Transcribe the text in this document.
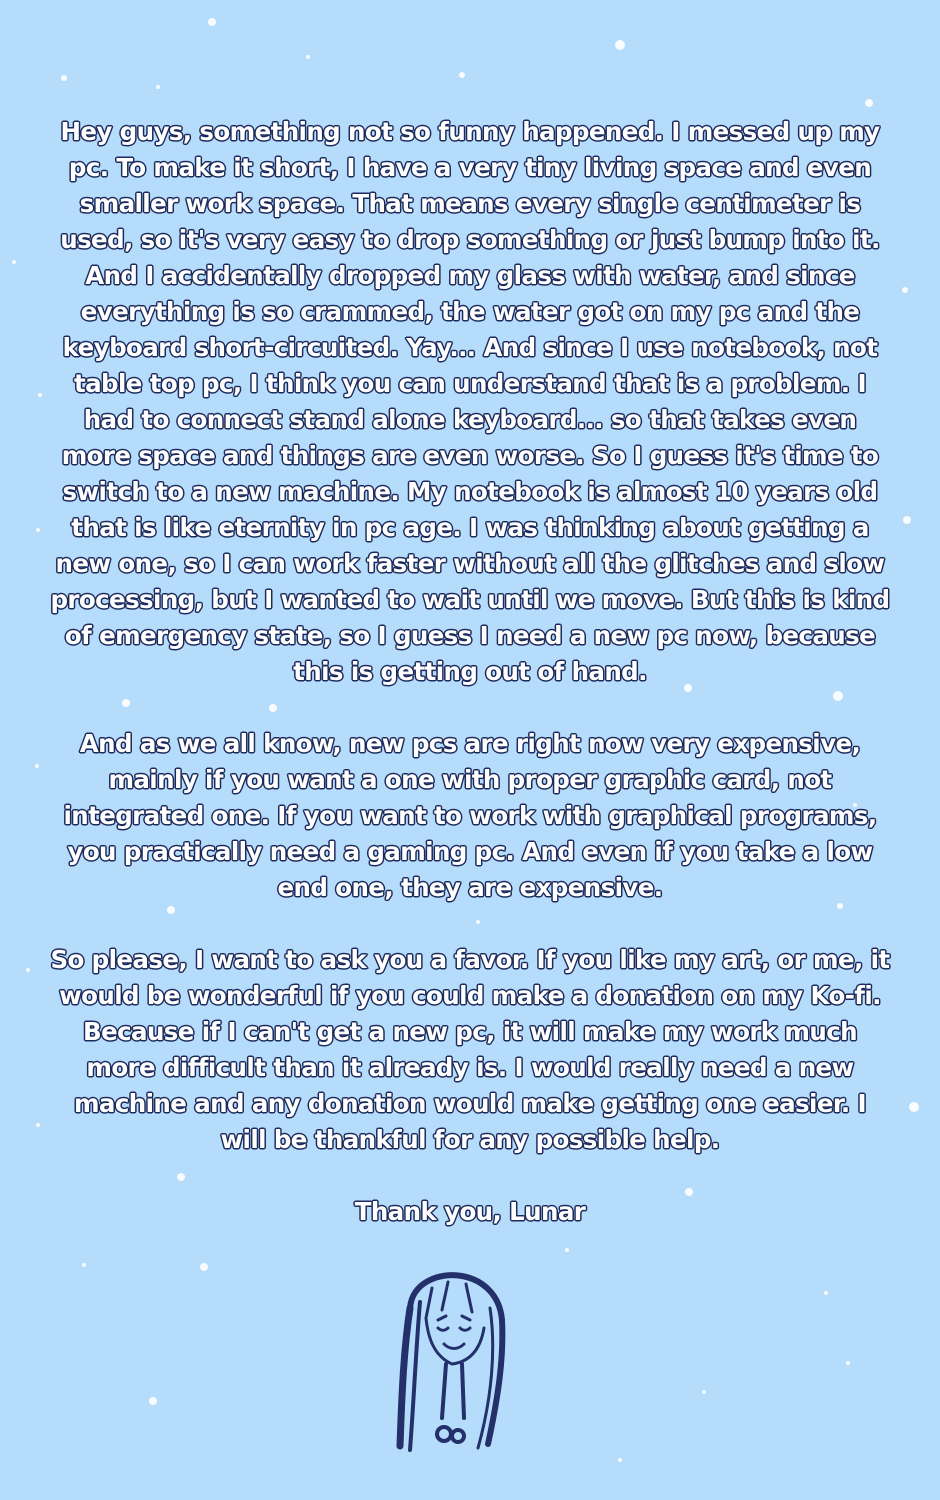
Hey guys, something not so funny happened. I messed up my pc. To make it short, I have a very tiny living space and even smaller work space. That means every single centimeter is used, so it's very easy to drop something or just bump into it. And I accidentally dropped my glass with water, and since everything is so crammed, the water got on my pc and the keyboard short-circuited. Yay... And since I use notebook, not table top pc, I think you can understand that is a problem. I had to connect stand alone keyboard... so that takes even more space and things are even worse. So I guess it's time to switch to a new machine. My notebook is almost 10 years old that is like eternity in pc age. I was thinking about getting a new one, so I can work faster without all the glitches and slow processing, but I wanted to wait until we move. But this is kind of emergency state, so I guess I need a new pc now, because this is getting out of hand.

And as we all know, new pcs are right now very expensive, mainly if you want a one with proper graphic card, not integrated one. If you want to work with graphical programs, you practically need a gaming pc. And even if you take a low end one, they are expensive.

So please, I want to ask you a favor. If you like my art, or me, it would be wonderful if you could make a donation on my Ko-fi. Because if I can't get a new pc, it will make my work much more difficult than it already is. I would really need a new machine and any donation would make getting one easier. I will be thankful for any possible help.

Thank you, Lunar
